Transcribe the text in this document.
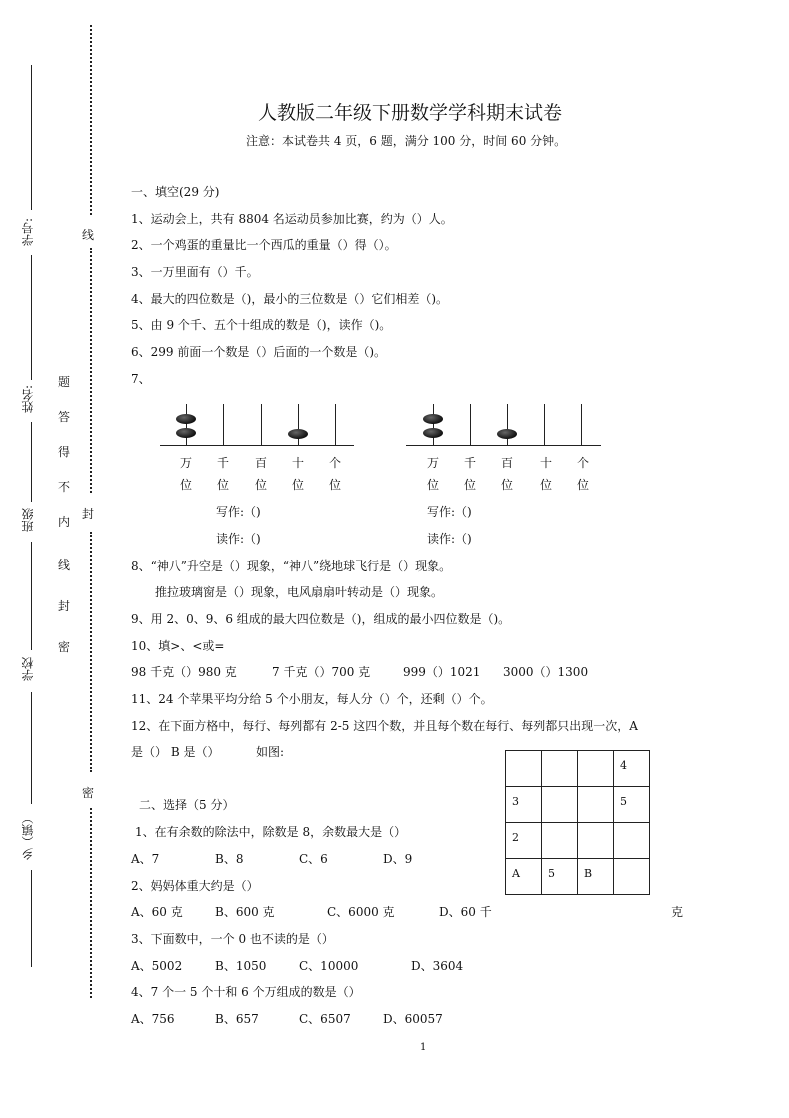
学号:
姓名:
班级
学校
乡（镇）
线
封
密
题
答
得
不
内
线
封
密
人教版二年级下册数学学科期末试卷
注意：本试卷共 4 页，6 题，满分 100 分，时间 60 分钟。
一、填空(29 分)
1、运动会上，共有 8804 名运动员参加比赛，约为（）人。
2、一个鸡蛋的重量比一个西瓜的重量（）得（）。
3、一万里面有（）千。
4、最大的四位数是（)，最小的三位数是（）它们相差（)。
5、由 9 个千、五个十组成的数是（)，读作（)。
6、299 前面一个数是（）后面的一个数是（)。
7、
万
位
千
位
百
位
十
位
个
位
写作:（)
读作:（)
万
位
千
位
百
位
十
位
个
位
写作:（)
读作:（)
8、“神八”升空是（）现象，“神八”绕地球飞行是（）现象。
推拉玻璃窗是（）现象，电风扇扇叶转动是（）现象。
9、用 2、0、9、6 组成的最大四位数是（)，组成的最小四位数是（)。
10、填>、<或=
98 千克（）980 克	7 千克（）700 克	999（）1021 3000（）1300
11、24 个苹果平均分给 5 个小朋友，每人分（）个，还剩（）个。
12、在下面方格中，每行、每列都有 2-5 这四个数，并且每个数在每行、每列都只出现一次，A
是（） B 是（）	如图:
			4
3			5
2			
A	5	B	
二、选择（5 分）
1、在有余数的除法中，除数是 8，余数最大是（）
A、7	B、8	C、6	D、9
2、妈妈体重大约是（）
A、60 克	B、600 克	C、6000 克	D、60 千	克
3、下面数中，一个 0 也不读的是（）
A、5002	B、1050	C、10000	D、3604
4、7 个一 5 个十和 6 个万组成的数是（）
A、756	B、657	C、6507	D、60057
1
